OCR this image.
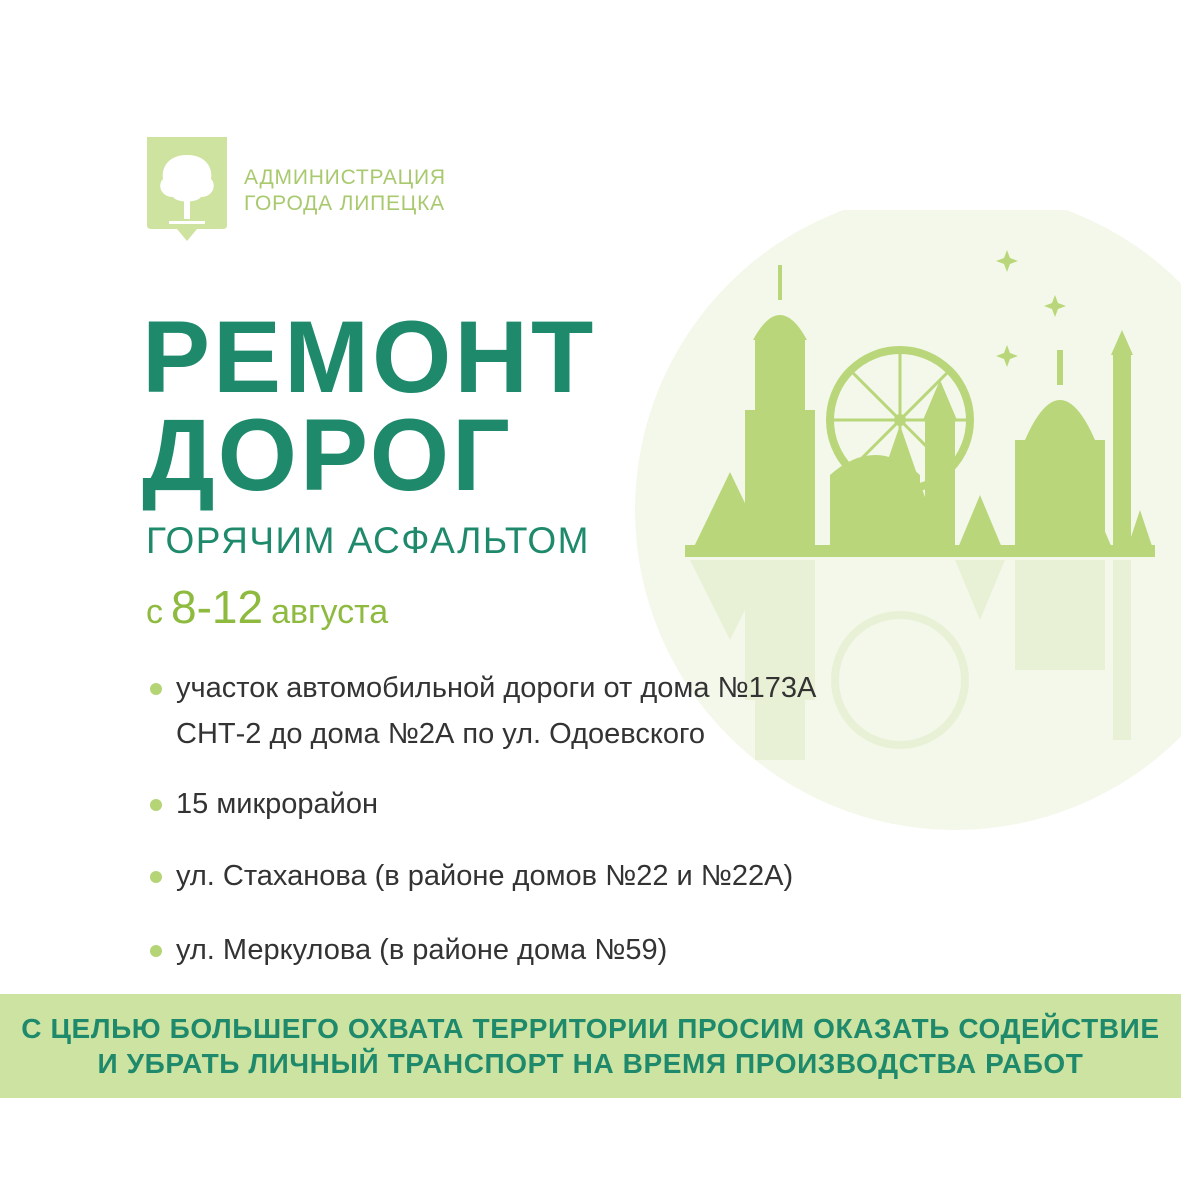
АДМИНИСТРАЦИЯ
ГОРОДА ЛИПЕЦКА
РЕМОНТ
ДОРОГ
ГОРЯЧИМ АСФАЛЬТОМ
с 8-12 августа
участок автомобильной дороги от дома №173А
СНТ-2 до дома №2А по ул. Одоевского
15 микрорайон
ул. Стаханова (в районе домов №22 и №22А)
ул. Меркулова (в районе дома №59)
С ЦЕЛЬЮ БОЛЬШЕГО ОХВАТА ТЕРРИТОРИИ ПРОСИМ ОКАЗАТЬ СОДЕЙСТВИЕ
И УБРАТЬ ЛИЧНЫЙ ТРАНСПОРТ НА ВРЕМЯ ПРОИЗВОДСТВА РАБОТ
